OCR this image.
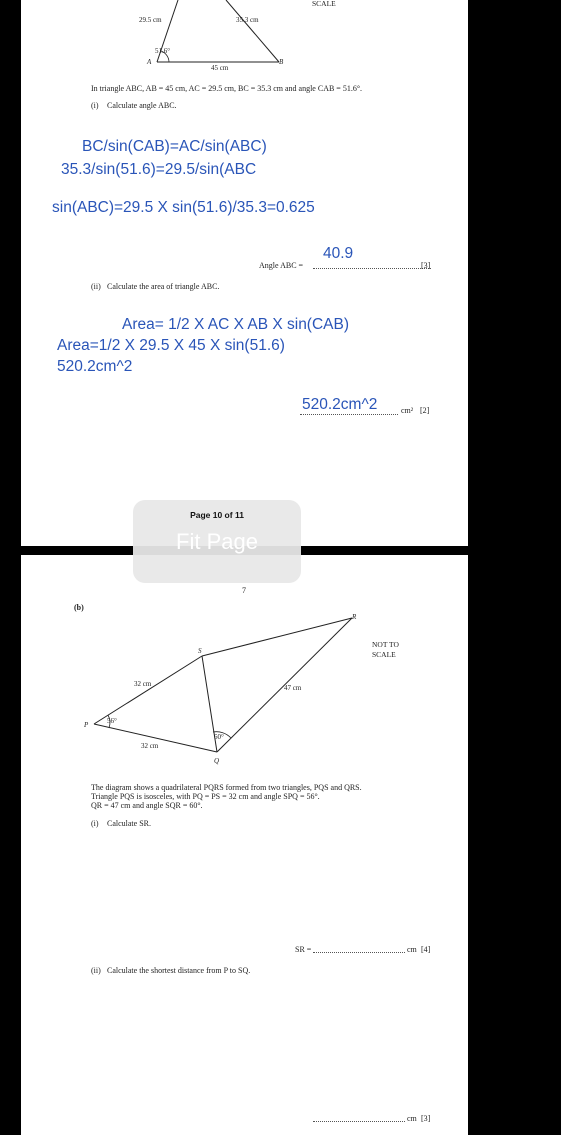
SCALE
29.5 cm	35.3 cm
51.6°
45 cm
A	B
In triangle ABC, AB = 45 cm, AC = 29.5 cm, BC = 35.3 cm and angle CAB = 51.6°.
(i) Calculate angle ABC.
BC/sin(CAB)=AC/sin(ABC)
35.3/sin(51.6)=29.5/sin(ABC
sin(ABC)=29.5 X sin(51.6)/35.3=0.625
Angle ABC =
40.9
[3]
(ii) Calculate the area of triangle ABC.
Area= 1/2 X AC X AB X sin(CAB)
Area=1/2 X 29.5 X 45 X sin(51.6)
520.2cm^2
520.2cm^2	cm² [2]
Page 10 of 11
Fit Page
7
(b)
NOT TO
SCALE
P
Q
R
S
32 cm
32 cm
47 cm
56°
60°
The diagram shows a quadrilateral PQRS formed from two triangles, PQS and QRS.
Triangle PQS is isosceles, with PQ = PS = 32 cm and angle SPQ = 56°.
QR = 47 cm and angle SQR = 60°.
(i) Calculate SR.
SR =	cm [4]
(ii) Calculate the shortest distance from P to SQ.
cm [3]
